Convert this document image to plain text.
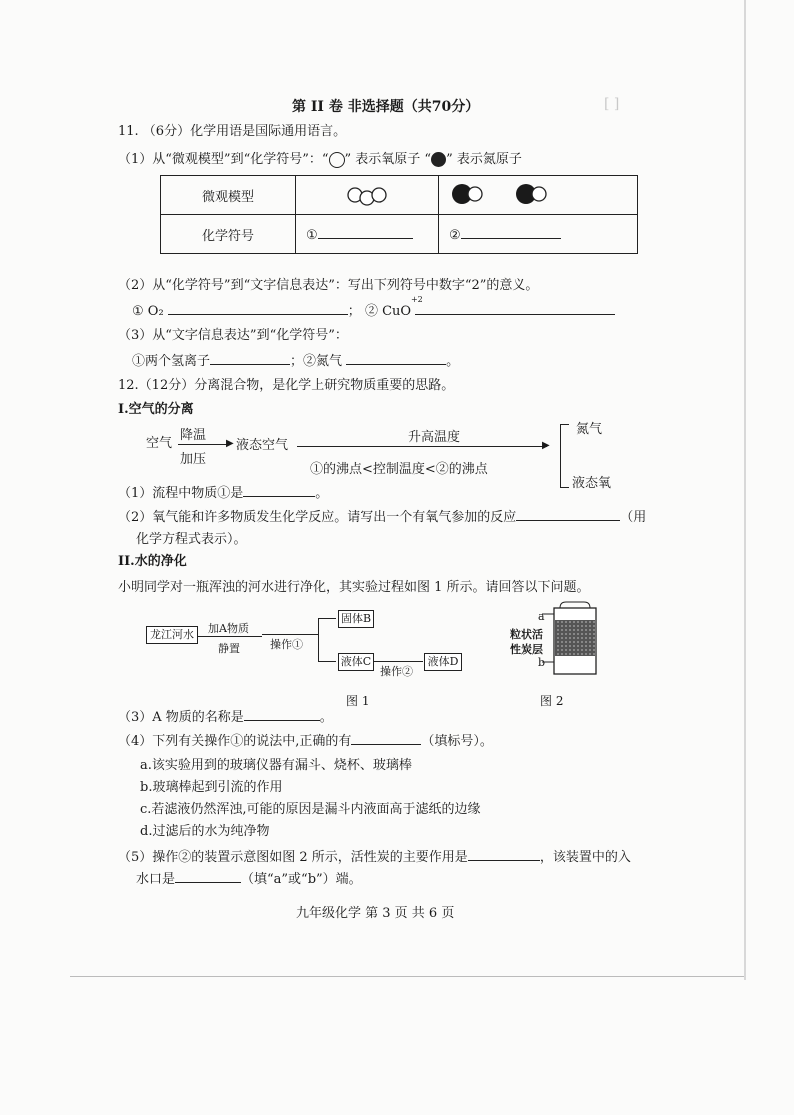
[ ]
第 II 卷 非选择题（共70分）
11. （6分）化学用语是国际通用语言。
（1）从“微观模型”到“化学符号”：“ ” 表示氧原子 “ ” 表示氮原子
微观模型		
化学符号	①	②
（2）从“化学符号”到“文字信息表达”：写出下列符号中数字“2”的意义。
① O₂	； ② CuO
+2

（3）从“文字信息表达”到“化学符号”：
①两个氢离子	；②氮气	。
12.（12分）分离混合物，是化学上研究物质重要的思路。
I.空气的分离
空气
降温
▶
加压
液态空气
升高温度
▶
①的沸点<控制温度<②的沸点
氮气
液态氧
（1）流程中物质①是	。
（2）氧气能和许多物质发生化学反应。请写出一个有氧气参加的反应	（用
化学方程式表示）。
II.水的净化
小明同学对一瓶浑浊的河水进行净化，其实验过程如图 1 所示。请回答以下问题。
龙江河水	加A物质
静置	操作①
固体B
液体C
操作②
液体D
图 1
a
b
粒状活
性炭层
图 2
（3）A 物质的名称是	。
（4）下列有关操作①的说法中,正确的有	（填标号）。
a.该实验用到的玻璃仪器有漏斗、烧杯、玻璃棒
b.玻璃棒起到引流的作用
c.若滤液仍然浑浊,可能的原因是漏斗内液面高于滤纸的边缘
d.过滤后的水为纯净物
（5）操作②的装置示意图如图 2 所示，活性炭的主要作用是	，该装置中的入
水口是	（填“a”或“b”）端。
九年级化学 第 3 页 共 6 页
